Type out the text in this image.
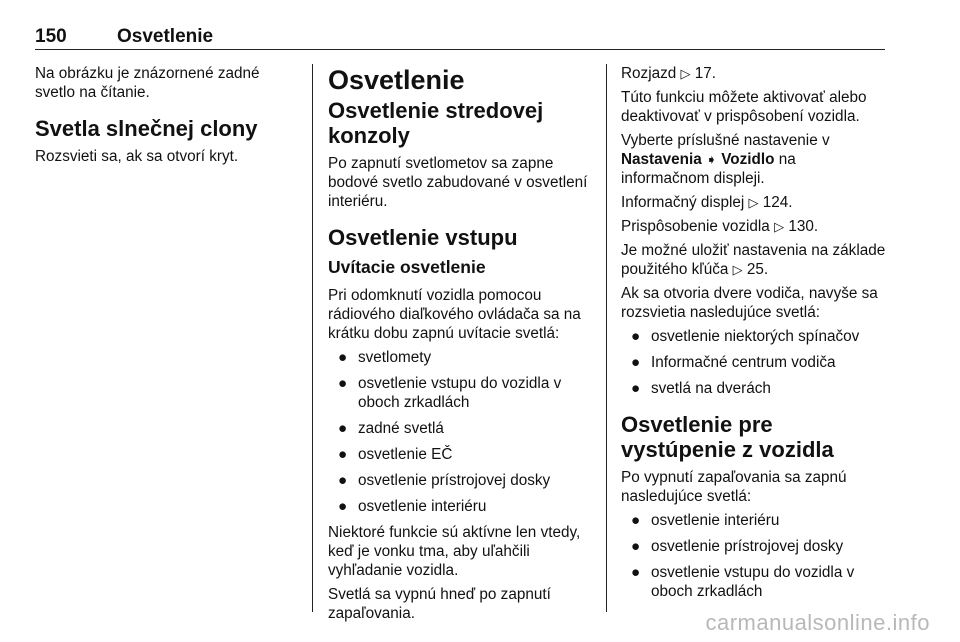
150	Osvetlenie

Na obrázku je znázornené zadné svetlo na čítanie.

Svetla slnečnej clony

Rozsvieti sa, ak sa otvorí kryt.

Osvetlenie
Osvetlenie stredovej konzoly

Po zapnutí svetlometov sa zapne bodové svetlo zabudované v osvetlení interiéru.

Osvetlenie vstupu
Uvítacie osvetlenie

Pri odomknutí vozidla pomocou rádiového diaľkového ovládača sa na krátku dobu zapnú uvítacie svetlá:

● svetlomety
● osvetlenie vstupu do vozidla v oboch zrkadlách
● zadné svetlá
● osvetlenie EČ
● osvetlenie prístrojovej dosky
● osvetlenie interiéru

Niektoré funkcie sú aktívne len vtedy, keď je vonku tma, aby uľahčili vyhľadanie vozidla.

Svetlá sa vypnú hneď po zapnutí zapaľovania.

Rozjazd ▷ 17.

Túto funkciu môžete aktivovať alebo deaktivovať v prispôsobení vozidla.

Vyberte príslušné nastavenie v
Nastavenia ➧ Vozidlo na
informačnom displeji.

Informačný displej ▷ 124.

Prispôsobenie vozidla ▷ 130.

Je možné uložiť nastavenia na základe použitého kľúča ▷ 25.

Ak sa otvoria dvere vodiča, navyše sa rozsvietia nasledujúce svetlá:

● osvetlenie niektorých spínačov
● Informačné centrum vodiča
● svetlá na dverách
Osvetlenie pre vystúpenie z vozidla

Po vypnutí zapaľovania sa zapnú nasledujúce svetlá:

● osvetlenie interiéru
● osvetlenie prístrojovej dosky
● osvetlenie vstupu do vozidla v oboch zrkadlách
carmanualsonline.info
